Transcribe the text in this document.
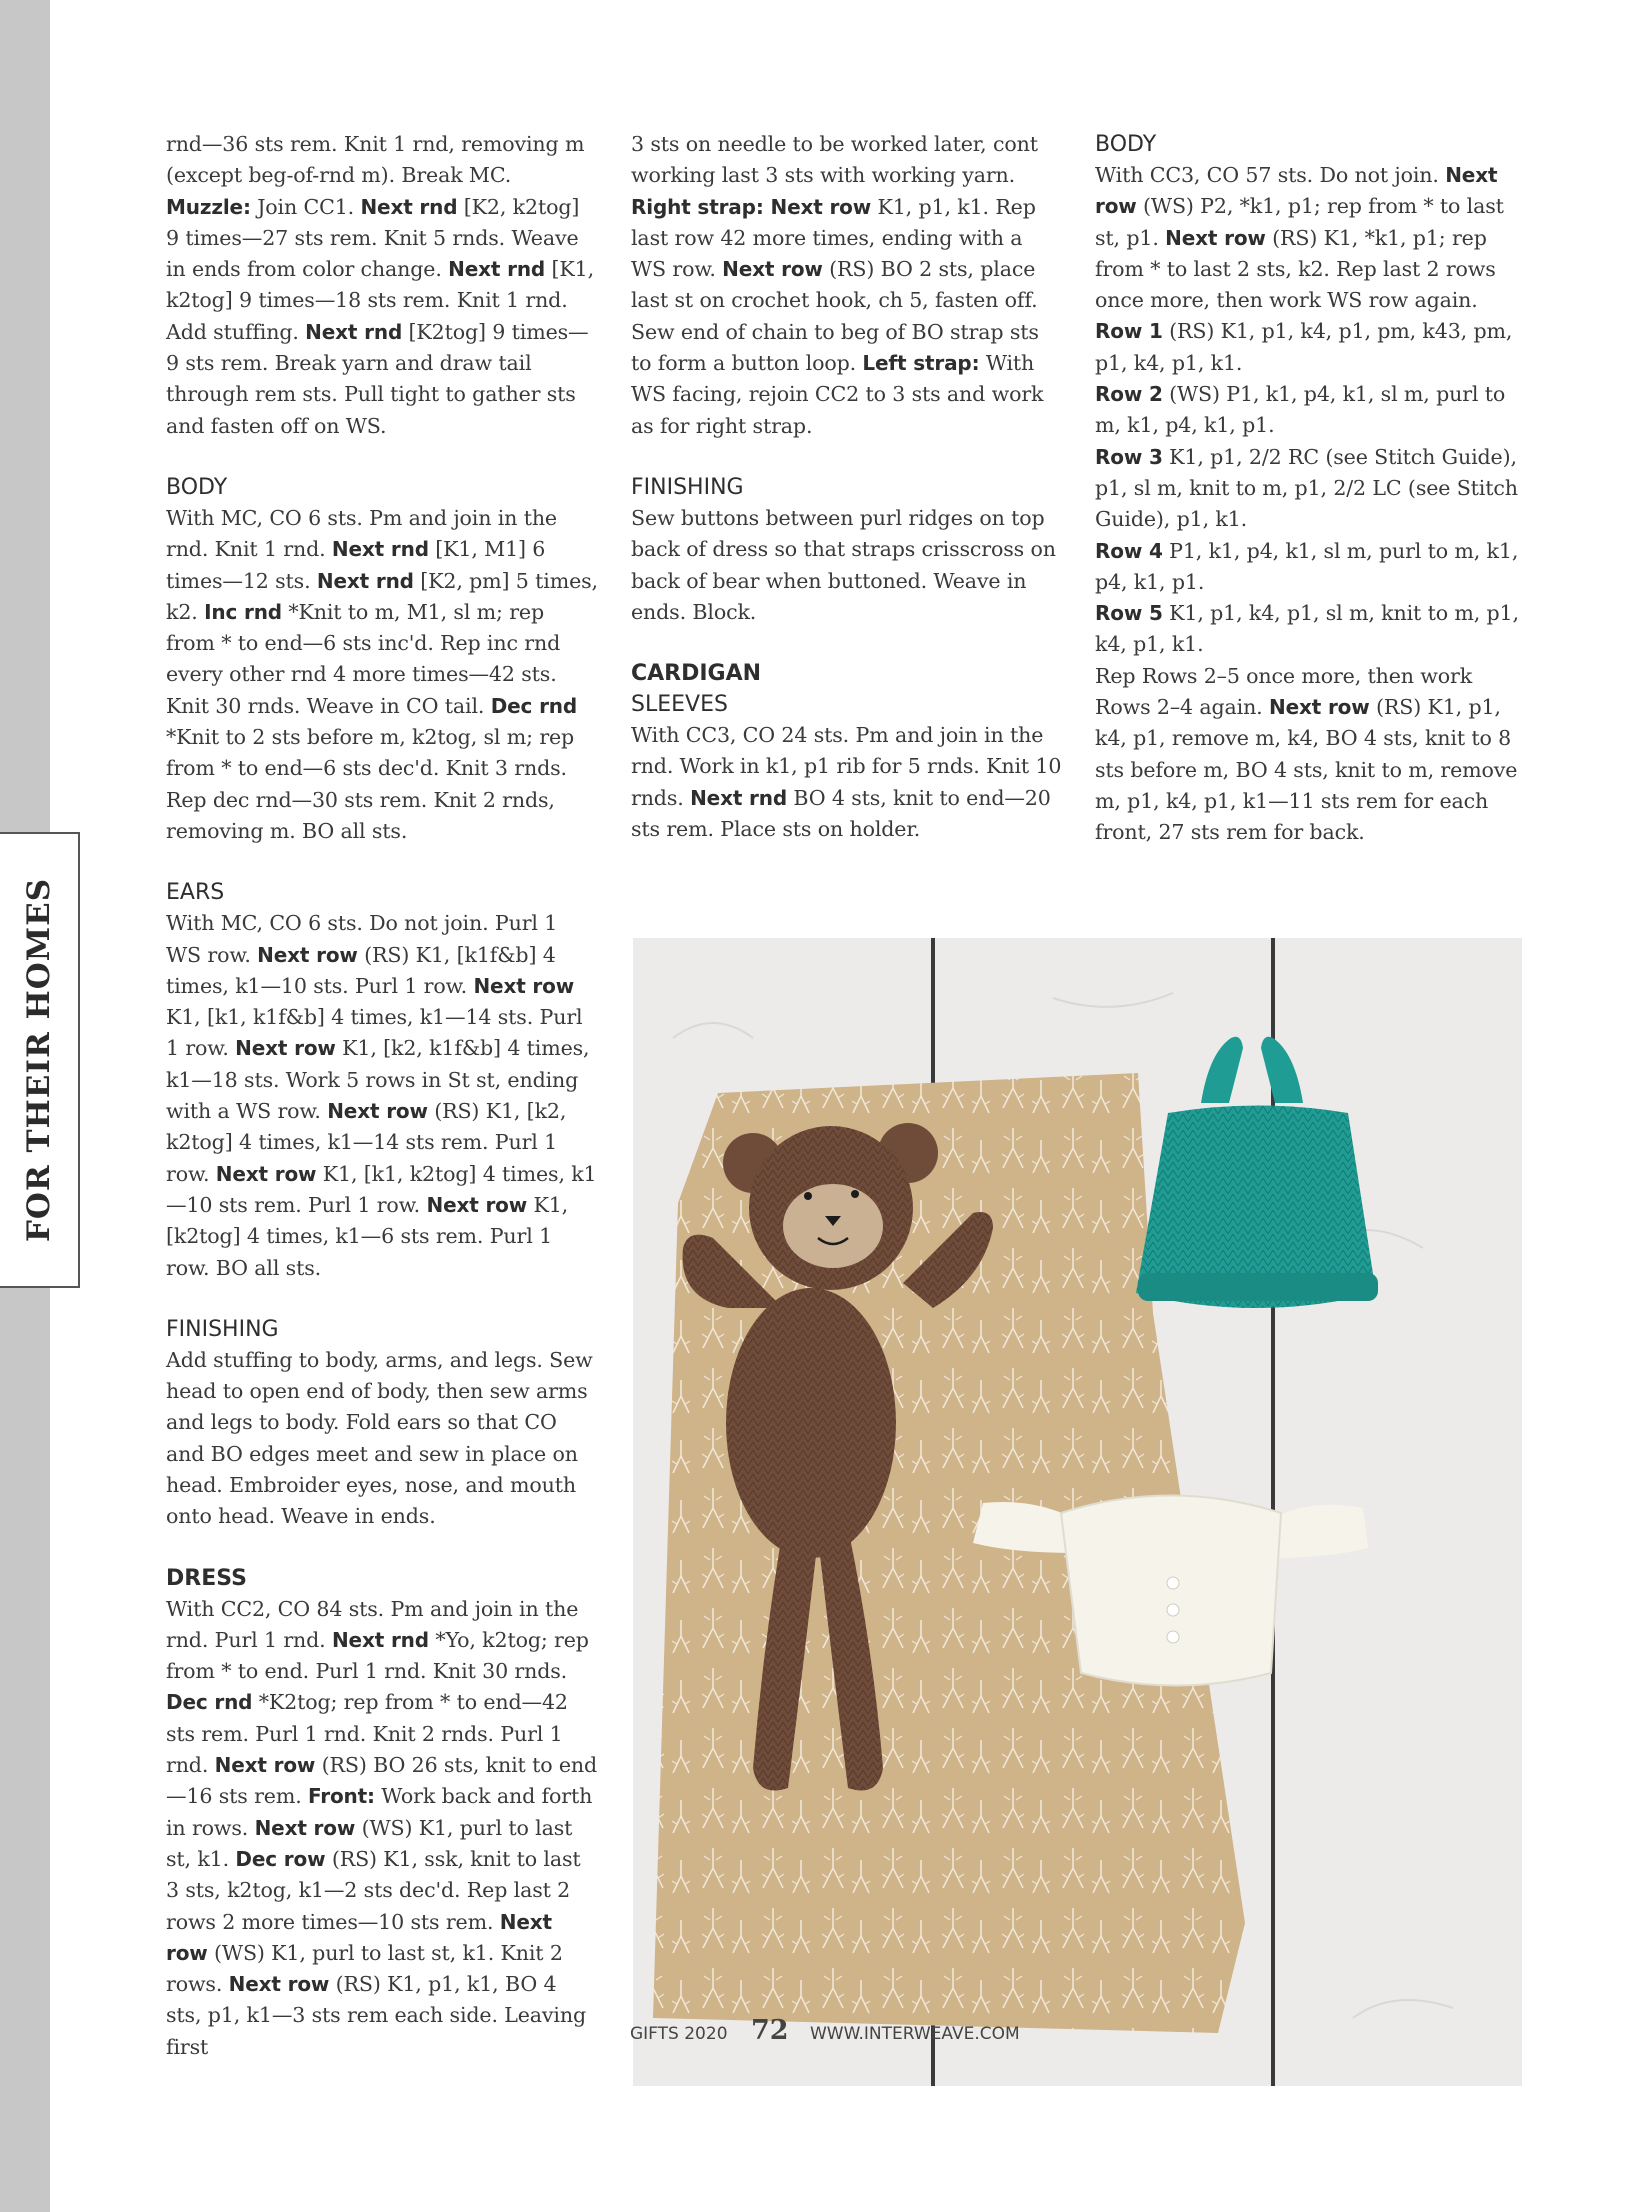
FOR THEIR HOMES

rnd—36 sts rem. Knit 1 rnd, removing m (except beg-of-rnd m). Break MC. Muzzle: Join CC1. Next rnd [K2, k2tog] 9 times—27 sts rem. Knit 5 rnds. Weave in ends from color change. Next rnd [K1, k2tog] 9 times—18 sts rem. Knit 1 rnd. Add stuffing. Next rnd [K2tog] 9 times—9 sts rem. Break yarn and draw tail through rem sts. Pull tight to gather sts and fasten off on WS.

BODY

With MC, CO 6 sts. Pm and join in the rnd. Knit 1 rnd. Next rnd [K1, M1] 6 times—12 sts. Next rnd [K2, pm] 5 times, k2. Inc rnd *Knit to m, M1, sl m; rep from * to end—6 sts inc'd. Rep inc rnd every other rnd 4 more times—42 sts. Knit 30 rnds. Weave in CO tail. Dec rnd *Knit to 2 sts before m, k2tog, sl m; rep from * to end—6 sts dec'd. Knit 3 rnds. Rep dec rnd—30 sts rem. Knit 2 rnds, removing m. BO all sts.

EARS

With MC, CO 6 sts. Do not join. Purl 1 WS row. Next row (RS) K1, [k1f&b] 4 times, k1—10 sts. Purl 1 row. Next row K1, [k1, k1f&b] 4 times, k1—14 sts. Purl 1 row. Next row K1, [k2, k1f&b] 4 times, k1—18 sts. Work 5 rows in St st, ending with a WS row. Next row (RS) K1, [k2, k2tog] 4 times, k1—14 sts rem. Purl 1 row. Next row K1, [k1, k2tog] 4 times, k1—10 sts rem. Purl 1 row. Next row K1, [k2tog] 4 times, k1—6 sts rem. Purl 1 row. BO all sts.

FINISHING

Add stuffing to body, arms, and legs. Sew head to open end of body, then sew arms and legs to body. Fold ears so that CO and BO edges meet and sew in place on head. Embroider eyes, nose, and mouth onto head. Weave in ends.

DRESS

With CC2, CO 84 sts. Pm and join in the rnd. Purl 1 rnd. Next rnd *Yo, k2tog; rep from * to end. Purl 1 rnd. Knit 30 rnds. Dec rnd *K2tog; rep from * to end—42 sts rem. Purl 1 rnd. Knit 2 rnds. Purl 1 rnd. Next row (RS) BO 26 sts, knit to end—16 sts rem. Front: Work back and forth in rows. Next row (WS) K1, purl to last st, k1. Dec row (RS) K1, ssk, knit to last 3 sts, k2tog, k1—2 sts dec'd. Rep last 2 rows 2 more times—10 sts rem. Next row (WS) K1, purl to last st, k1. Knit 2 rows. Next row (RS) K1, p1, k1, BO 4 sts, p1, k1—3 sts rem each side. Leaving first

3 sts on needle to be worked later, cont working last 3 sts with working yarn. Right strap: Next row K1, p1, k1. Rep last row 42 more times, ending with a WS row. Next row (RS) BO 2 sts, place last st on crochet hook, ch 5, fasten off. Sew end of chain to beg of BO strap sts to form a button loop. Left strap: With WS facing, rejoin CC2 to 3 sts and work as for right strap.

FINISHING

Sew buttons between purl ridges on top back of dress so that straps crisscross on back of bear when buttoned. Weave in ends. Block.

CARDIGAN

SLEEVES

With CC3, CO 24 sts. Pm and join in the rnd. Work in k1, p1 rib for 5 rnds. Knit 10 rnds. Next rnd BO 4 sts, knit to end—20 sts rem. Place sts on holder.

BODY

With CC3, CO 57 sts. Do not join. Next row (WS) P2, *k1, p1; rep from * to last st, p1. Next row (RS) K1, *k1, p1; rep from * to last 2 sts, k2. Rep last 2 rows once more, then work WS row again.

Row 1 (RS) K1, p1, k4, p1, pm, k43, pm, p1, k4, p1, k1.

Row 2 (WS) P1, k1, p4, k1, sl m, purl to m, k1, p4, k1, p1.

Row 3 K1, p1, 2/2 RC (see Stitch Guide), p1, sl m, knit to m, p1, 2/2 LC (see Stitch Guide), p1, k1.

Row 4 P1, k1, p4, k1, sl m, purl to m, k1, p4, k1, p1.

Row 5 K1, p1, k4, p1, sl m, knit to m, p1, k4, p1, k1.

Rep Rows 2–5 once more, then work Rows 2–4 again. Next row (RS) K1, p1, k4, p1, remove m, k4, BO 4 sts, knit to 8 sts before m, BO 4 sts, knit to m, remove m, p1, k4, p1, k1—11 sts rem for each front, 27 sts rem for back.

GIFTS 2020 72 WWW.INTERWEAVE.COM
